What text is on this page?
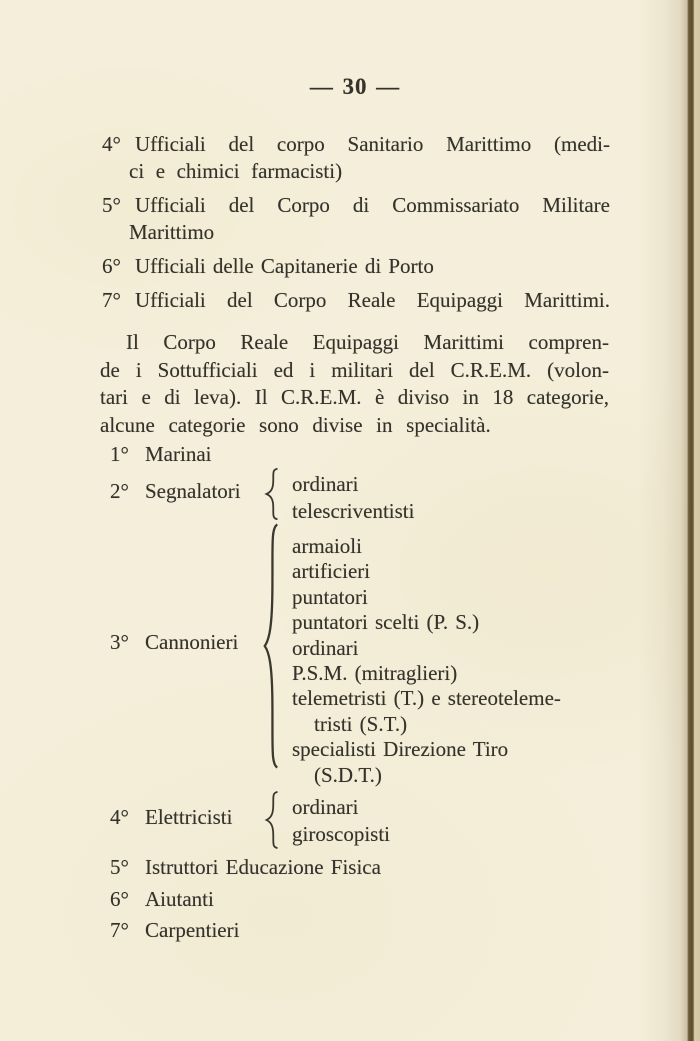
— 30 —
4° Ufficiali del corpo Sanitario Marittimo (medi-
ci e chimici farmacisti)
5° Ufficiali del Corpo di Commissariato Militare
Marittimo
6° Ufficiali delle Capitanerie di Porto
7° Ufficiali del Corpo Reale Equipaggi Marittimi.
Il Corpo Reale Equipaggi Marittimi compren-
de i Sottufficiali ed i militari del C.R.E.M. (volon-
tari e di leva). Il C.R.E.M. è diviso in 18 categorie,
alcune categorie sono divise in specialità.
1° Marinai
2° Segnalatori ordinari
telescriventisti
3° Cannonieri
armaioli
artificieri
puntatori
puntatori scelti (P. S.)
ordinari
P.S.M. (mitraglieri)
telemetristi (T.) e stereoteleme-
tristi (S.T.)
specialisti Direzione Tiro
(S.D.T.)
4° Elettricisti	ordinari
giroscopisti
5° Istruttori Educazione Fisica
6° Aiutanti
7° Carpentieri
